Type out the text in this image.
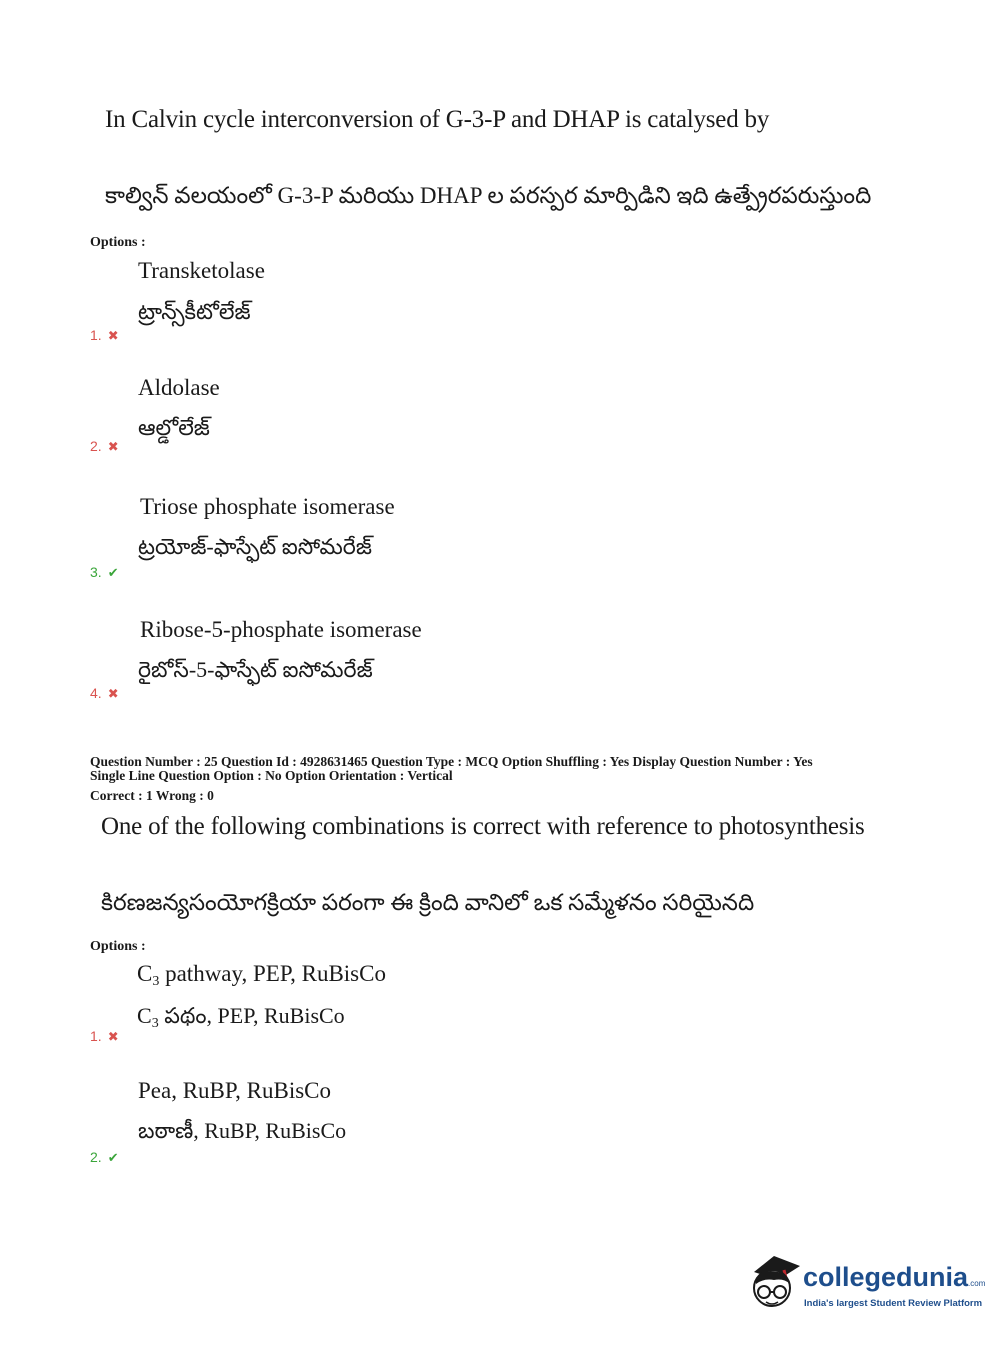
In Calvin cycle interconversion of G-3-P and DHAP is catalysed by
కాల్విన్ వలయంలో G-3-P మరియు DHAP ల పరస్పర మార్పిడిని ఇది ఉత్ప్రేరపరుస్తుంది
Options :
Transketolase
ట్రాన్స్‌కీటోలేజ్
1. ✖
Aldolase
ఆల్డోలేజ్
2. ✖
Triose phosphate isomerase
ట్రయోజ్-ఫాస్ఫేట్ ఐసోమరేజ్
3. ✔
Ribose-5-phosphate isomerase
రైబోస్-5-ఫాస్ఫేట్ ఐసోమరేజ్
4. ✖
Question Number : 25 Question Id : 4928631465 Question Type : MCQ Option Shuffling : Yes Display Question Number : Yes
Single Line Question Option : No Option Orientation : Vertical
Correct : 1 Wrong : 0
One of the following combinations is correct with reference to photosynthesis
కిరణజన్యసంయోగక్రియా పరంగా ఈ క్రింది వానిలో ఒక సమ్మేళనం సరియైనది
Options :
$C_3$ pathway, PEP, RuBisCo
$C_3$ పథం, PEP, RuBisCo
1. ✖
Pea, RuBP, RuBisCo
బఠాణీ, RuBP, RuBisCo
2. ✔
collegedunia.com
India's largest Student Review Platform
